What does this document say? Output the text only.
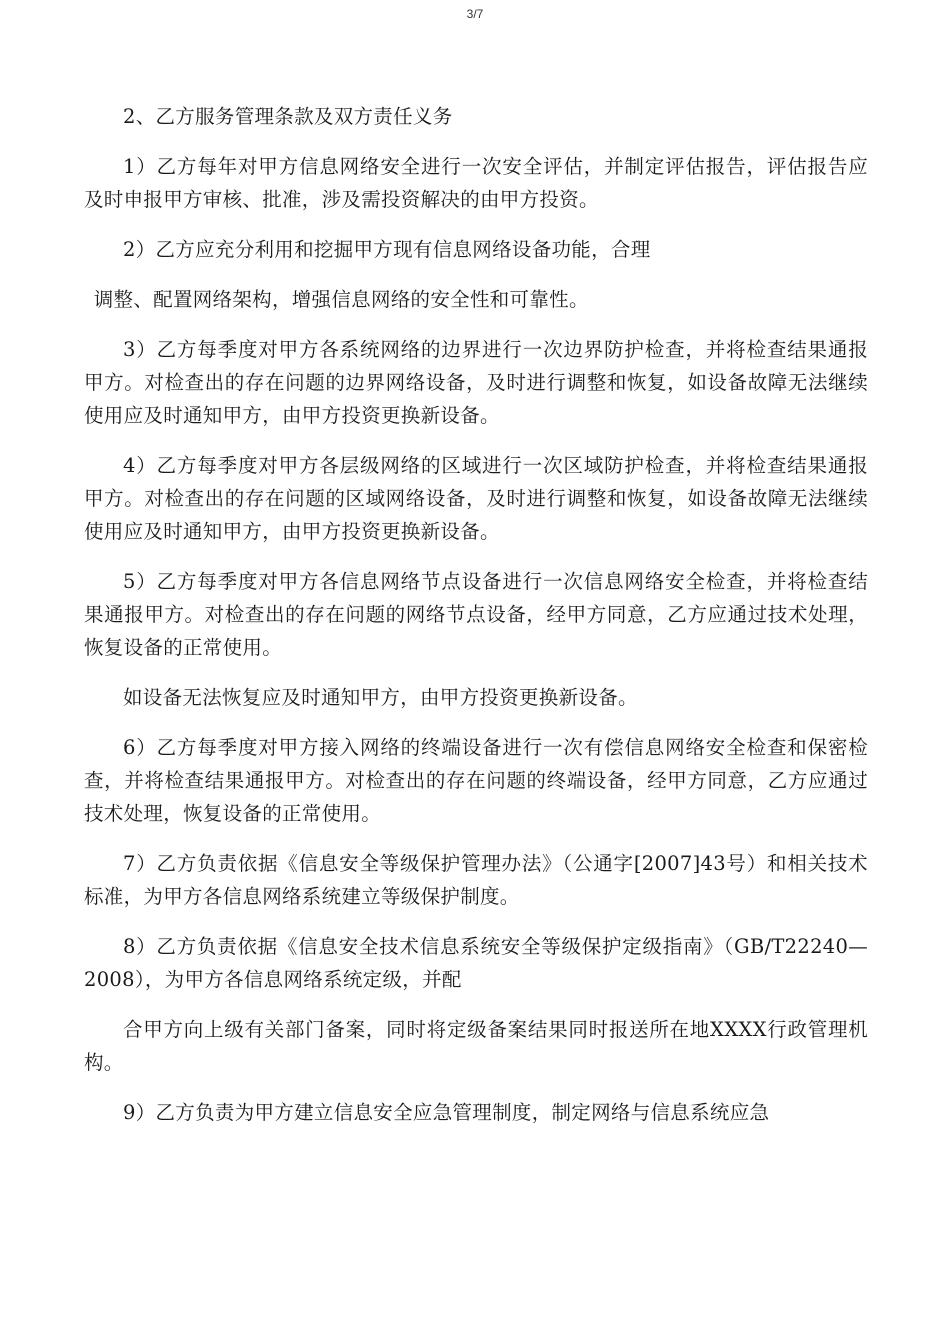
3/7

2、乙方服务管理条款及双方责任义务

1）乙方每年对甲方信息网络安全进行一次安全评估，并制定评估报告，评估报告应及时申报甲方审核、批准，涉及需投资解决的由甲方投资。

2）乙方应充分利用和挖掘甲方现有信息网络设备功能，合理

调整、配置网络架构，增强信息网络的安全性和可靠性。

3）乙方每季度对甲方各系统网络的边界进行一次边界防护检查，并将检查结果通报甲方。对检查出的存在问题的边界网络设备，及时进行调整和恢复，如设备故障无法继续使用应及时通知甲方，由甲方投资更换新设备。

4）乙方每季度对甲方各层级网络的区域进行一次区域防护检查，并将检查结果通报甲方。对检查出的存在问题的区域网络设备，及时进行调整和恢复，如设备故障无法继续使用应及时通知甲方，由甲方投资更换新设备。

5）乙方每季度对甲方各信息网络节点设备进行一次信息网络安全检查，并将检查结果通报甲方。对检查出的存在问题的网络节点设备，经甲方同意，乙方应通过技术处理，恢复设备的正常使用。

如设备无法恢复应及时通知甲方，由甲方投资更换新设备。

6）乙方每季度对甲方接入网络的终端设备进行一次有偿信息网络安全检查和保密检查，并将检查结果通报甲方。对检查出的存在问题的终端设备，经甲方同意，乙方应通过技术处理，恢复设备的正常使用。

7）乙方负责依据《信息安全等级保护管理办法》（公通字[2007]43号）和相关技术标准，为甲方各信息网络系统建立等级保护制度。

8）乙方负责依据《信息安全技术信息系统安全等级保护定级指南》（GB/T22240—2008），为甲方各信息网络系统定级，并配

合甲方向上级有关部门备案，同时将定级备案结果同时报送所在地XXXX行政管理机构。

9）乙方负责为甲方建立信息安全应急管理制度，制定网络与信息系统应急
